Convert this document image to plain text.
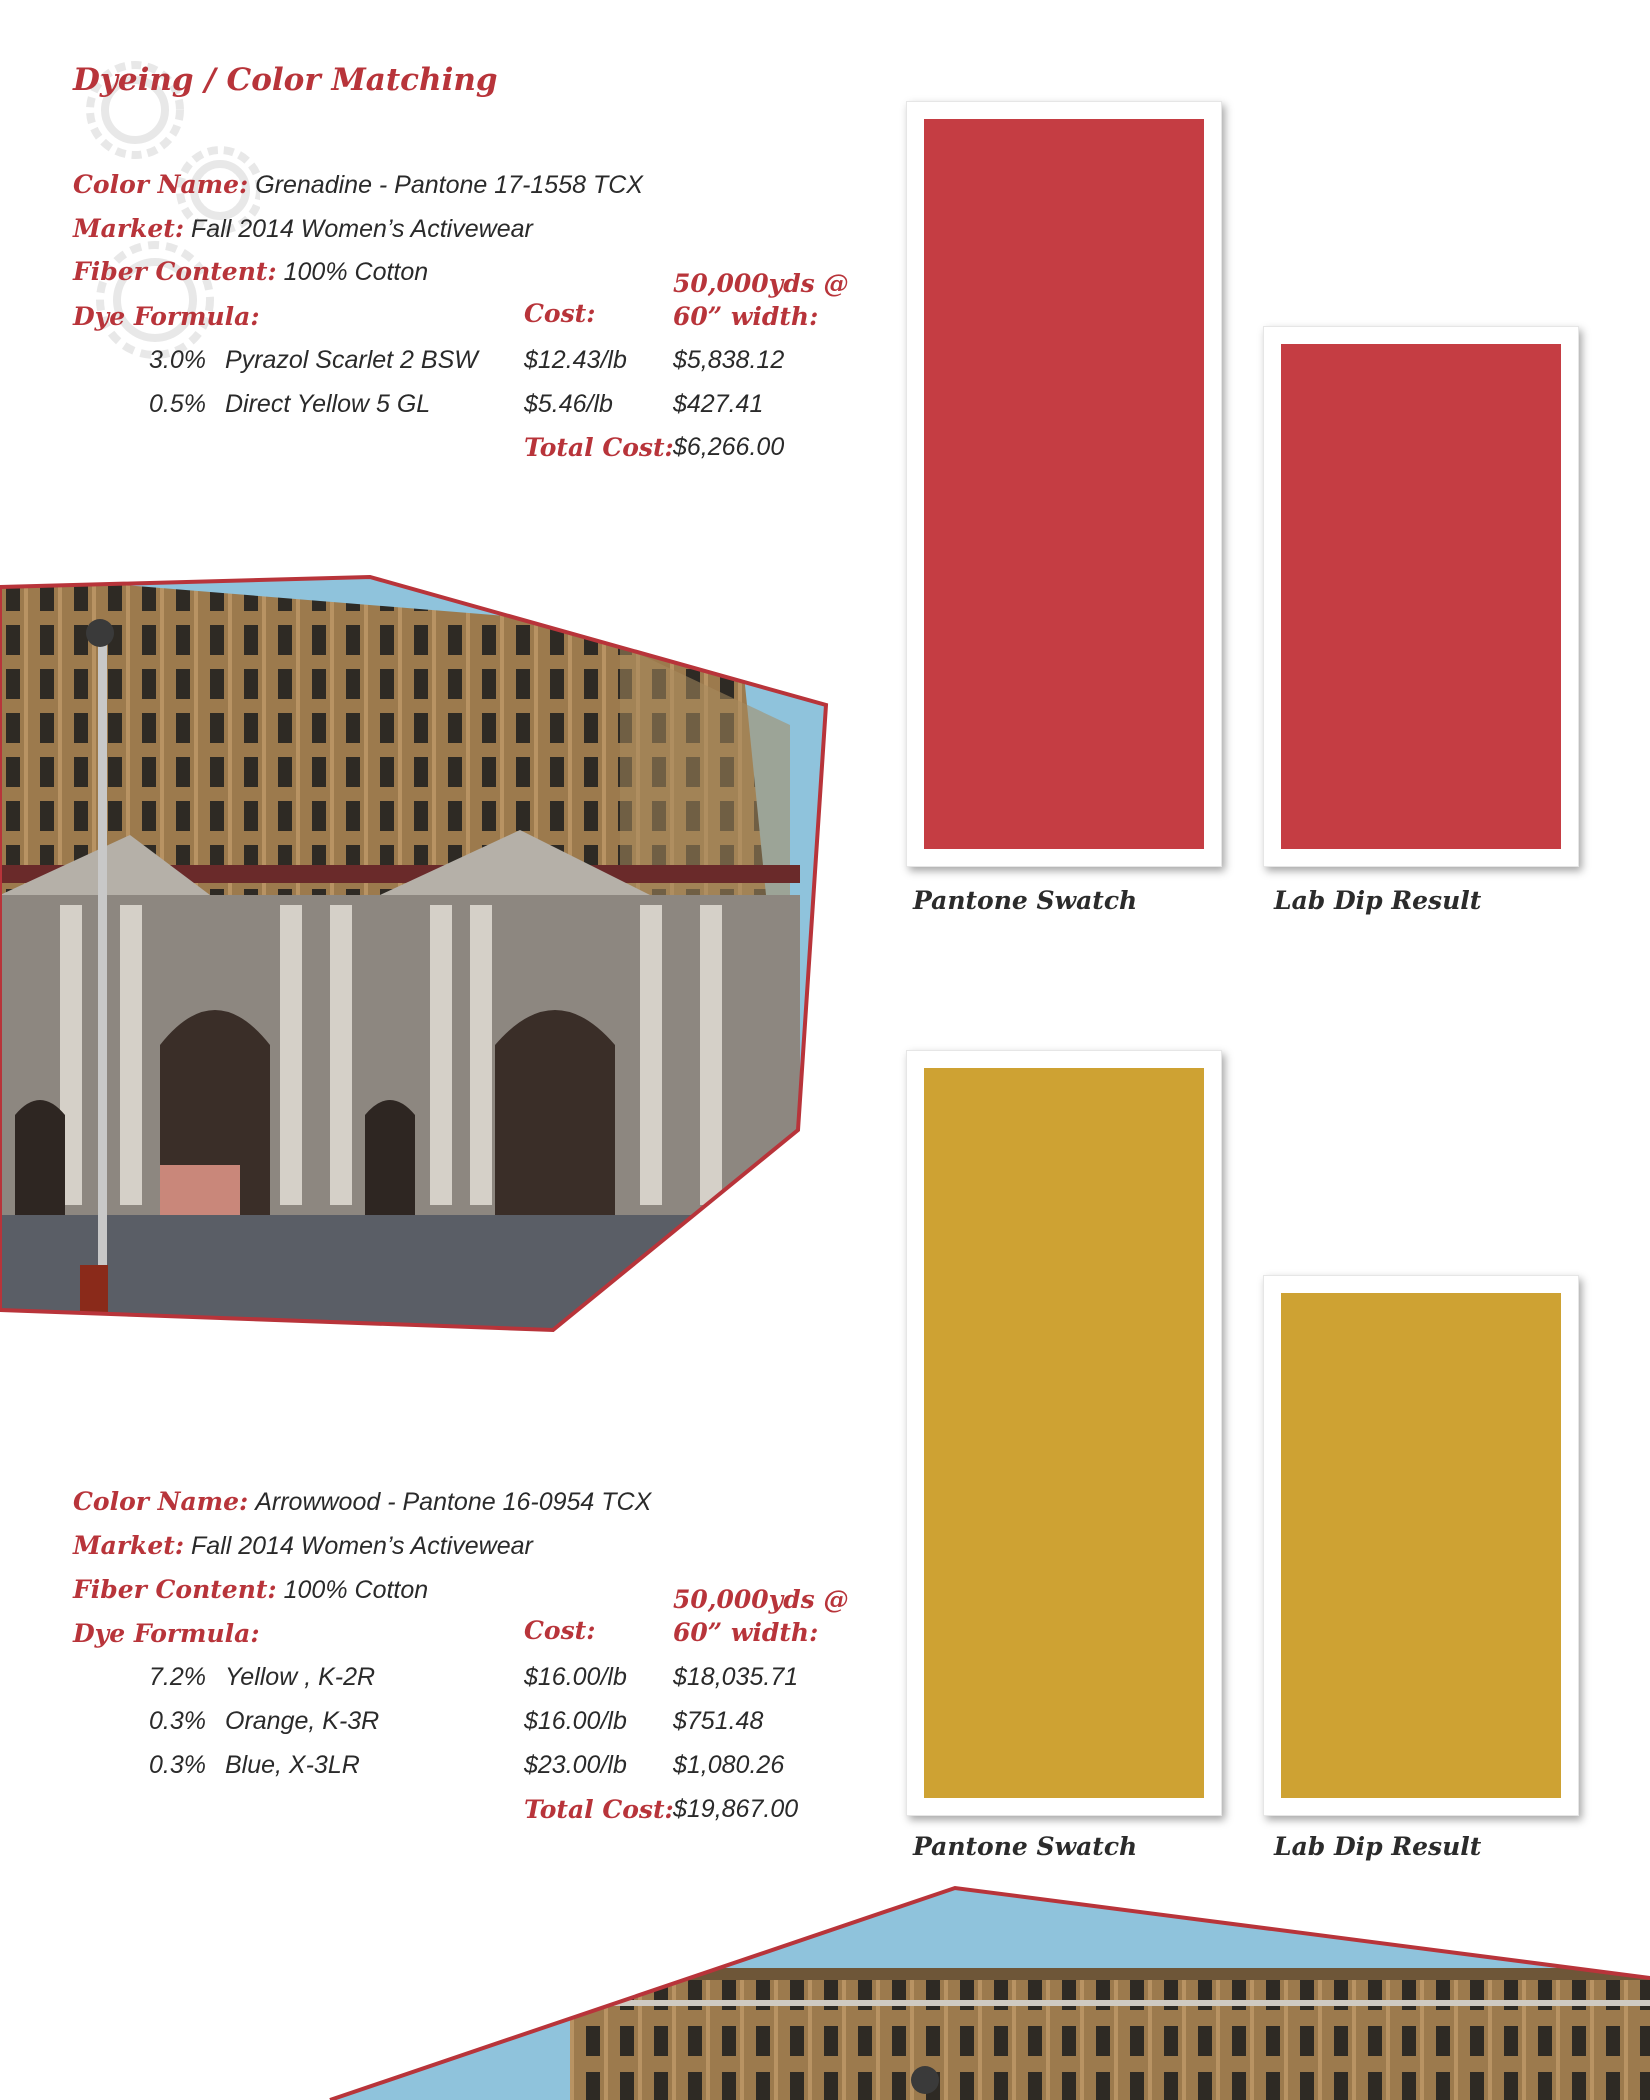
Dyeing / Color Matching
Color Name: Grenadine - Pantone 17-1558 TCX
Market: Fall 2014 Women’s Activewear
Fiber Content: 100% Cotton
Dye Formula:	Cost:
50,000yds @
60” width:
3.0% Pyrazol Scarlet 2 BSW $12.43/lb $5,838.12
0.5% Direct Yellow 5 GL	$5.46/lb $427.41
Total Cost: $6,266.00
Pantone Swatch	Lab Dip Result
Color Name: Arrowwood - Pantone 16-0954 TCX
Market: Fall 2014 Women’s Activewear
Fiber Content: 100% Cotton
Dye Formula:	Cost:
50,000yds @
60” width:
7.2% Yellow , K-2R	$16.00/lb $18,035.71
0.3% Orange, K-3R	$16.00/lb $751.48
0.3% Blue, X-3LR	$23.00/lb $1,080.26
Total Cost: $19,867.00
Pantone Swatch	Lab Dip Result
